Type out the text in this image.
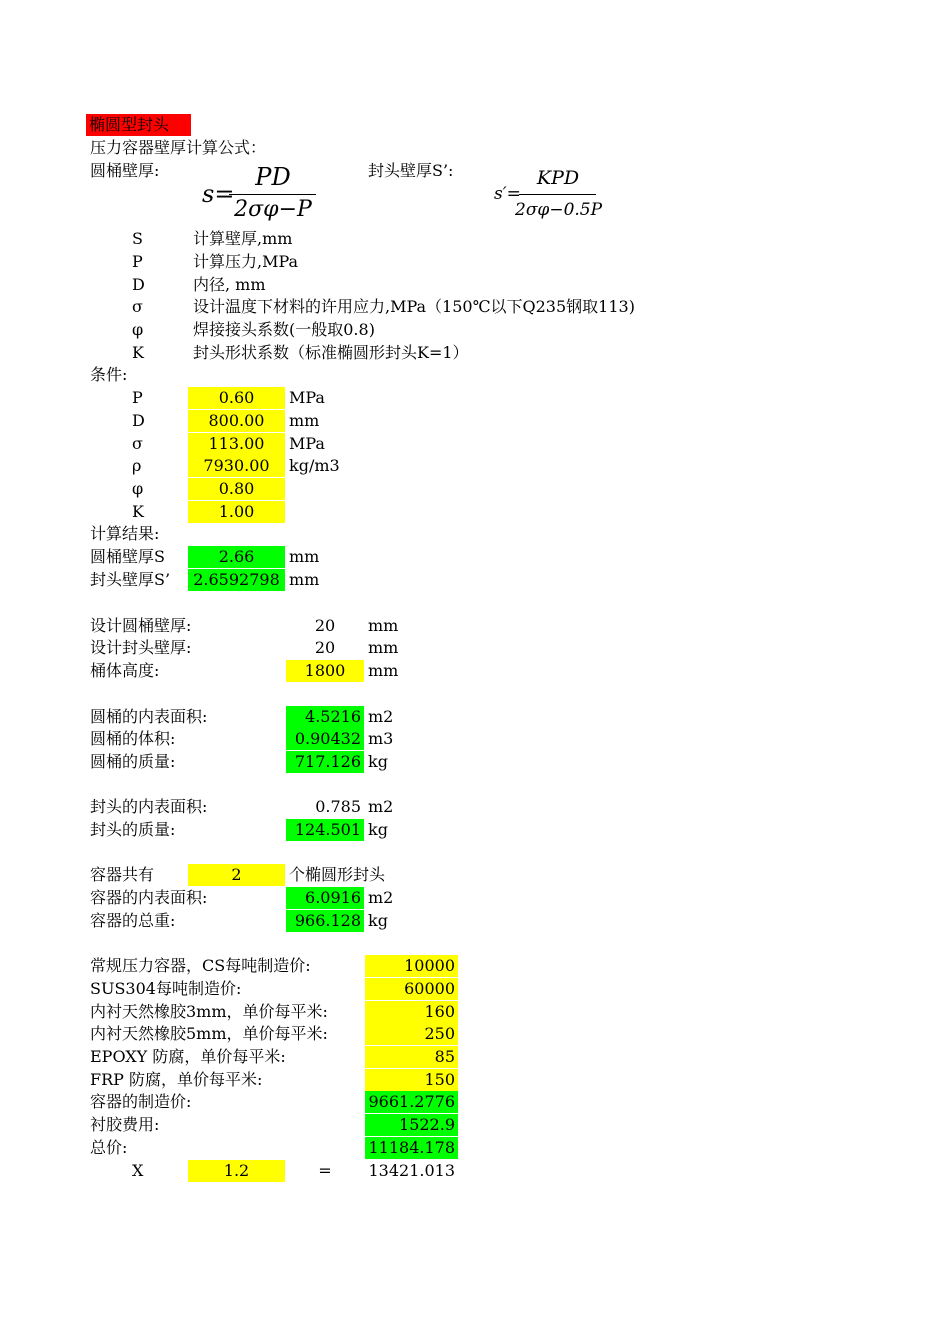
椭圆型封头
压力容器壁厚计算公式：
圆桶壁厚:	封头壁厚S’:
s=
PD
2σφ−P
s′=
KPD
2σφ−0.5P
S	计算壁厚,mm
P	计算压力,MPa
D	内径, mm
σ	设计温度下材料的许用应力,MPa（150℃以下Q235钢取113)
φ	焊接接头系数(一般取0.8)
K	封头形状系数（标准椭圆形封头K=1）
条件:
P	0.60	MPa
D	800.00	mm
σ	113.00	MPa
ρ	7930.00	kg/m3
φ	0.80
K	1.00
计算结果:
圆桶壁厚S	2.66	mm
封头壁厚S’	2.6592798 mm
设计圆桶壁厚:	20	mm
设计封头壁厚:	20	mm
桶体高度:	1800	mm
圆桶的内表面积:	4.5216 m2
圆桶的体积:	0.90432 m3
圆桶的质量:	717.126 kg
封头的内表面积:	0.785 m2
封头的质量:	124.501 kg
容器共有	2	个椭圆形封头
容器的内表面积:	6.0916 m2
容器的总重:	966.128 kg
常规压力容器，CS每吨制造价:	10000
SUS304每吨制造价:	60000
内衬天然橡胶3mm，单价每平米:	160
内衬天然橡胶5mm，单价每平米:	250
EPOXY 防腐，单价每平米:	85
FRP 防腐，单价每平米:	150
容器的制造价:	9661.2776
衬胶费用:	1522.9
总价:	11184.178
X	1.2	=	13421.013
